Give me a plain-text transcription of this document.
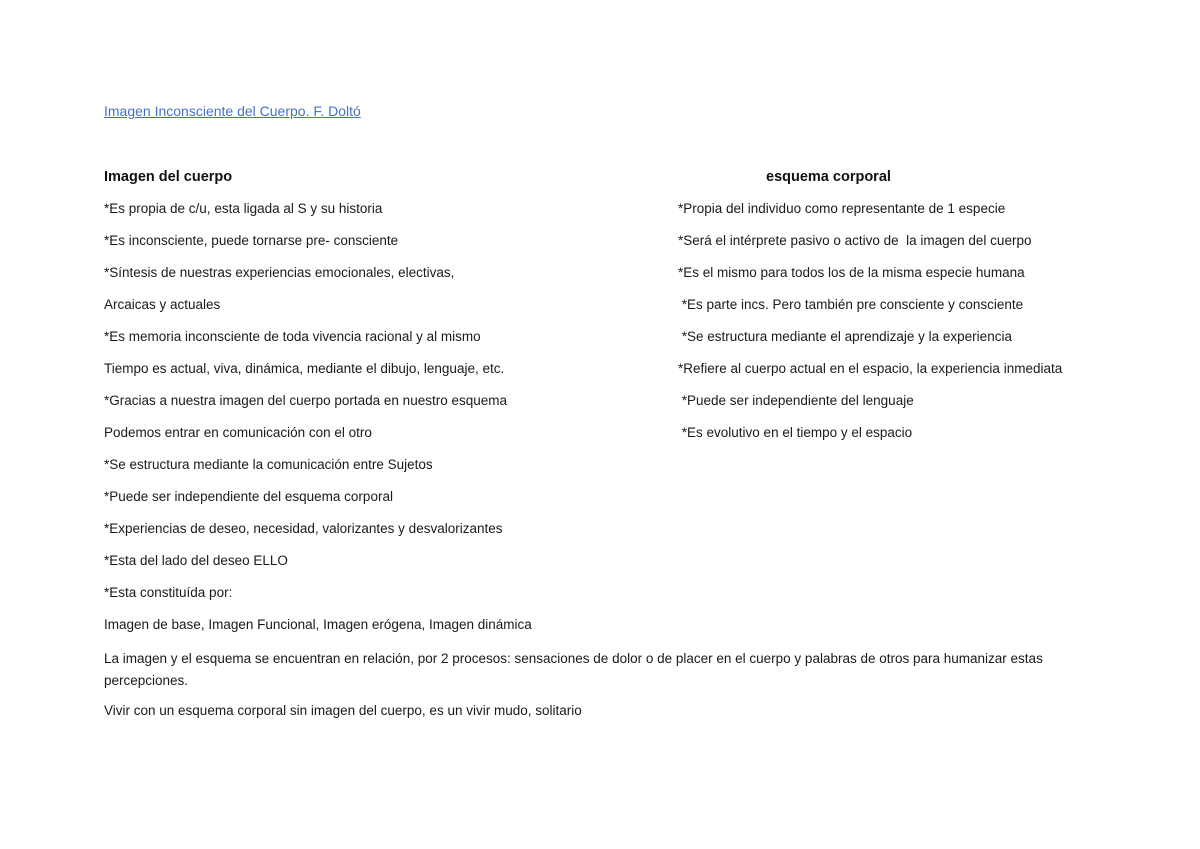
Imagen Inconsciente del Cuerpo. F. Doltó
Imagen del cuerpo

*Es propia de c/u, esta ligada al S y su historia

*Es inconsciente, puede tornarse pre- consciente

*Síntesis de nuestras experiencias emocionales, electivas,

Arcaicas y actuales

*Es memoria inconsciente de toda vivencia racional y al mismo

Tiempo es actual, viva, dinámica, mediante el dibujo, lenguaje, etc.

*Gracias a nuestra imagen del cuerpo portada en nuestro esquema

Podemos entrar en comunicación con el otro

*Se estructura mediante la comunicación entre Sujetos

*Puede ser independiente del esquema corporal

*Experiencias de deseo, necesidad, valorizantes y desvalorizantes

*Esta del lado del deseo ELLO

*Esta constituída por:

Imagen de base, Imagen Funcional, Imagen erógena, Imagen dinámica

esquema corporal

*Propia del individuo como representante de 1 especie

*Será el intérprete pasivo o activo de  la imagen del cuerpo

*Es el mismo para todos los de la misma especie humana

*Es parte incs. Pero también pre consciente y consciente

*Se estructura mediante el aprendizaje y la experiencia

*Refiere al cuerpo actual en el espacio, la experiencia inmediata

*Puede ser independiente del lenguaje

*Es evolutivo en el tiempo y el espacio

La imagen y el esquema se encuentran en relación, por 2 procesos: sensaciones de dolor o de placer en el cuerpo y palabras de otros para humanizar estas percepciones.

Vivir con un esquema corporal sin imagen del cuerpo, es un vivir mudo, solitario
